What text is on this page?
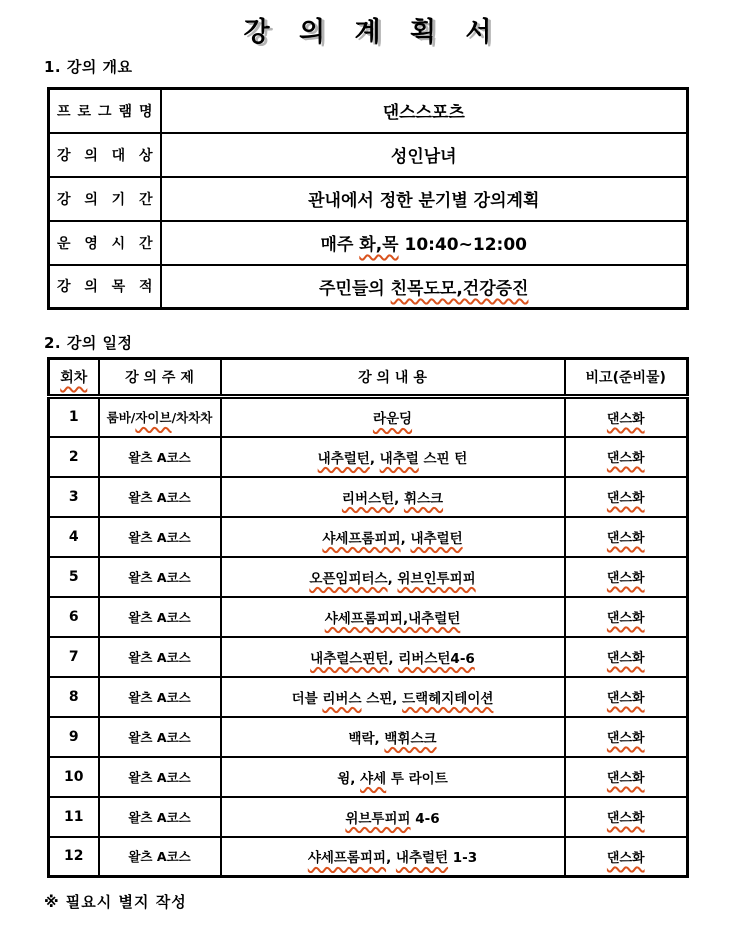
강 의 계 획 서
1. 강의 개요
프 로 그 램 명	댄스스포츠
강 의 대 상	성인남녀
강 의 기 간	관내에서 정한 분기별 강의계획
운 영 시 간	매주 화,목 10:40~12:00
강 의 목 적	주민들의 친목도모,건강증진
2. 강의 일정
회차	강 의 주 제	강 의 내 용	비고(준비물)
1	룸바/자이브/차차차	라운딩	댄스화
2	왈츠 A코스	내추럴턴, 내추럴 스핀 턴	댄스화
3	왈츠 A코스	리버스턴, 휘스크	댄스화
4	왈츠 A코스	샤세프롬피피, 내추럴턴	댄스화
5	왈츠 A코스	오픈임피터스, 위브인투피피	댄스화
6	왈츠 A코스	샤세프롬피피,내추럴턴	댄스화
7	왈츠 A코스	내추럴스핀턴, 리버스턴4-6	댄스화
8	왈츠 A코스	더블 리버스 스핀, 드랙헤지테이션	댄스화
9	왈츠 A코스	백락, 백휘스크	댄스화
10	왈츠 A코스	윙, 샤세 투 라이트	댄스화
11	왈츠 A코스	위브투피피 4-6	댄스화
12	왈츠 A코스	샤세프롬피피, 내추럴턴 1-3	댄스화
※ 필요시 별지 작성
